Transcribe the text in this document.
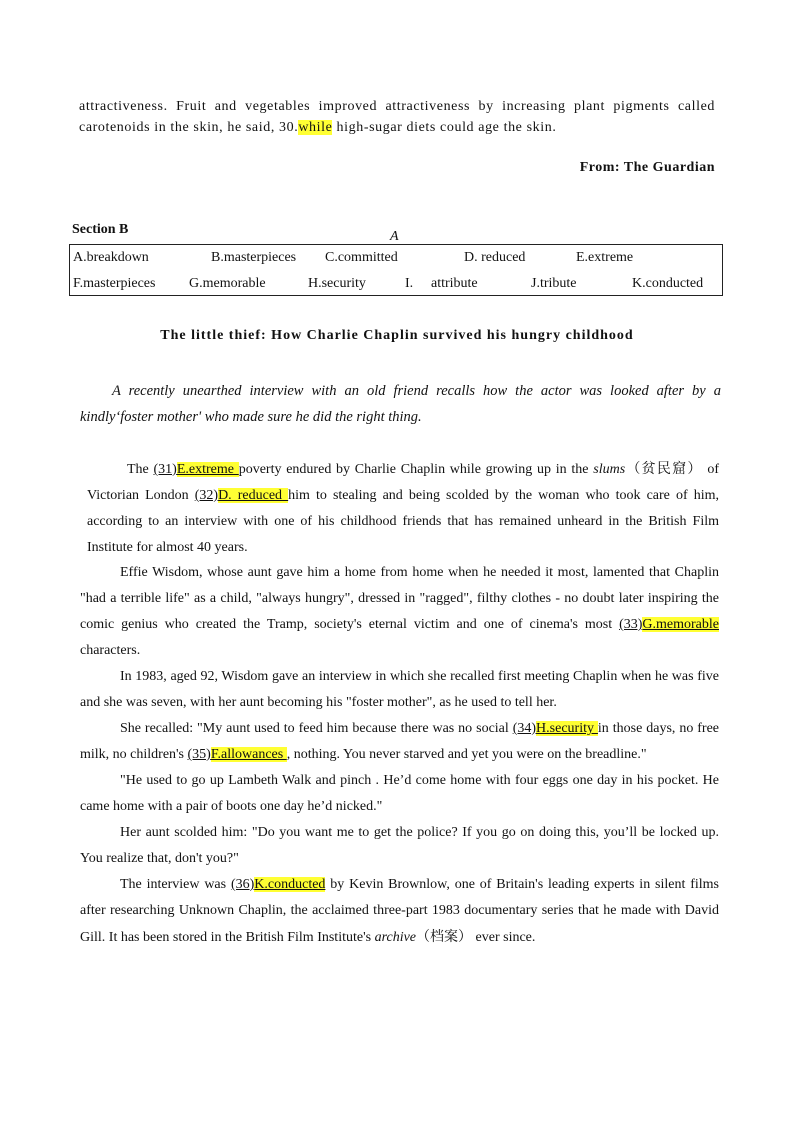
attractiveness. Fruit and vegetables improved attractiveness by increasing plant pigments called carotenoids in the skin, he said, 30.while high-sugar diets could age the skin.
From: The Guardian
Section B	A
A.breakdown	B.masterpieces C.committed	D. reduced	E.extreme
F.masterpieces G.memorable	H.security	I. attribute	J.tribute	K.conducted
The little thief: How Charlie Chaplin survived his hungry childhood
A recently unearthed interview with an old friend recalls how the actor was looked after by a kindly‘foster mother' who made sure he did the right thing.

The (31)E.extreme poverty endured by Charlie Chaplin while growing up in the slums（贫民窟） of Victorian London (32)D. reduced him to stealing and being scolded by the woman who took care of him, according to an interview with one of his childhood friends that has remained unheard in the British Film Institute for almost 40 years.

Effie Wisdom, whose aunt gave him a home from home when he needed it most, lamented that Chaplin "had a terrible life" as a child, "always hungry", dressed in "ragged", filthy clothes - no doubt later inspiring the comic genius who created the Tramp, society's eternal victim and one of cinema's most (33)G.memorable characters.

In 1983, aged 92, Wisdom gave an interview in which she recalled first meeting Chaplin when he was five and she was seven, with her aunt becoming his "foster mother", as he used to tell her.

She recalled: "My aunt used to feed him because there was no social (34)H.security in those days, no free milk, no children's (35)F.allowances , nothing. You never starved and yet you were on the breadline."

"He used to go up Lambeth Walk and pinch . He’d come home with four eggs one day in his pocket. He came home with a pair of boots one day he’d nicked."

Her aunt scolded him: "Do you want me to get the police? If you go on doing this, you’ll be locked up. You realize that, don't you?"

The interview was (36)K.conducted by Kevin Brownlow, one of Britain's leading experts in silent films after researching Unknown Chaplin, the acclaimed three-part 1983 documentary series that he made with David Gill. It has been stored in the British Film Institute's archive（档案） ever since.
